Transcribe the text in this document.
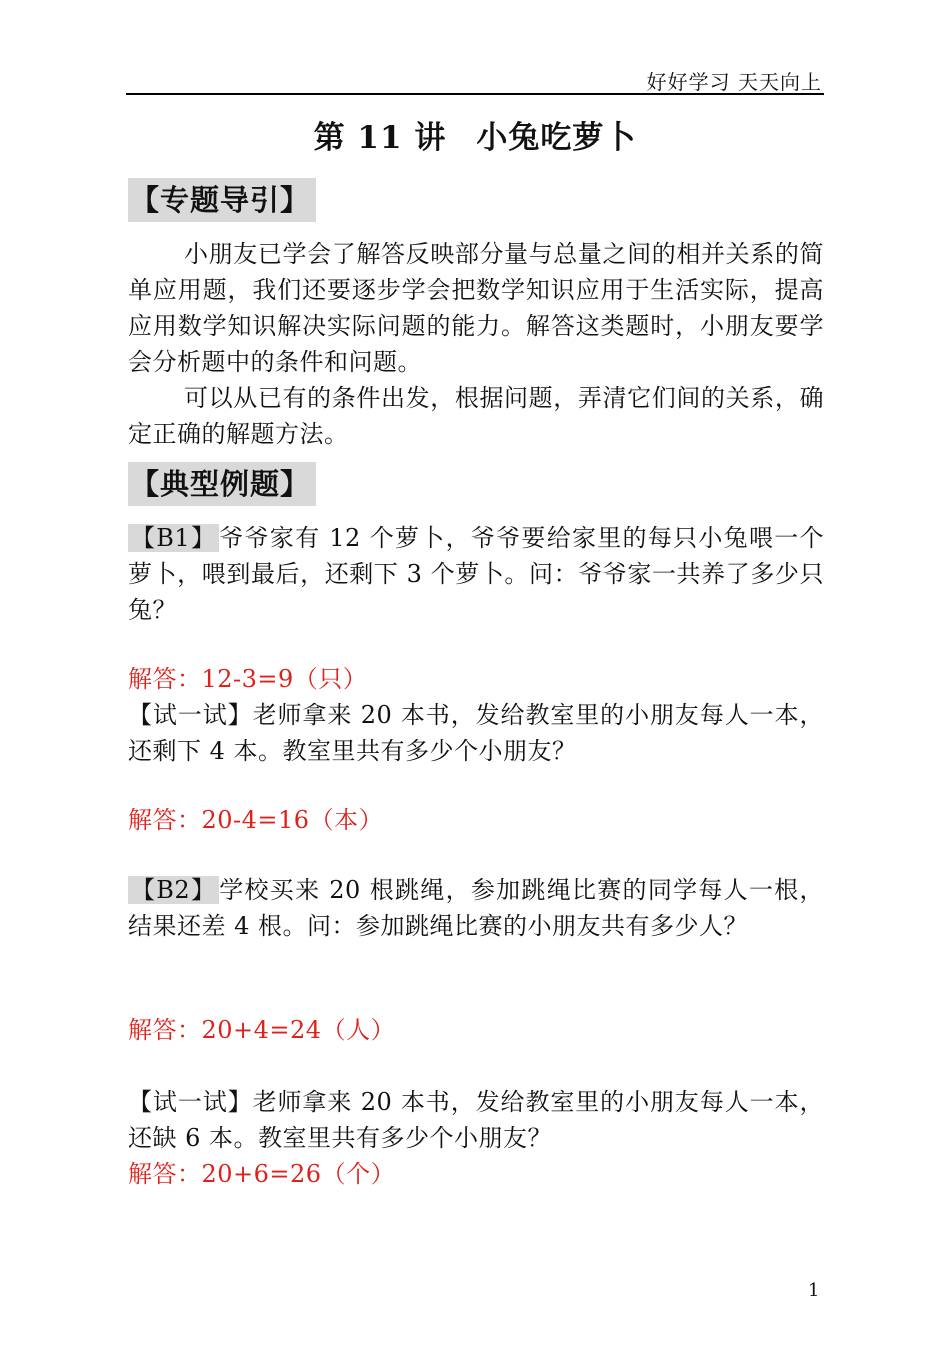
好好学习 天天向上
第 11 讲 小兔吃萝卜
【专题导引】
小朋友已学会了解答反映部分量与总量之间的相并关系的简单应用题，我们还要逐步学会把数学知识应用于生活实际，提高应用数学知识解决实际问题的能力。解答这类题时，小朋友要学会分析题中的条件和问题。
可以从已有的条件出发，根据问题，弄清它们间的关系，确定正确的解题方法。
【典型例题】
【B1】 爷爷家有 12 个萝卜，爷爷要给家里的每只小兔喂一个萝卜，喂到最后，还剩下 3 个萝卜。问：爷爷家一共养了多少只兔？
解答：12-3=9（只）
【试一试】老师拿来 20 本书，发给教室里的小朋友每人一本，还剩下 4 本。教室里共有多少个小朋友？
解答：20-4=16（本）
【B2】 学校买来 20 根跳绳，参加跳绳比赛的同学每人一根，结果还差 4 根。问：参加跳绳比赛的小朋友共有多少人？
解答：20+4=24（人）
【试一试】老师拿来 20 本书，发给教室里的小朋友每人一本，还缺 6 本。教室里共有多少个小朋友？
解答：20+6=26（个）
1
